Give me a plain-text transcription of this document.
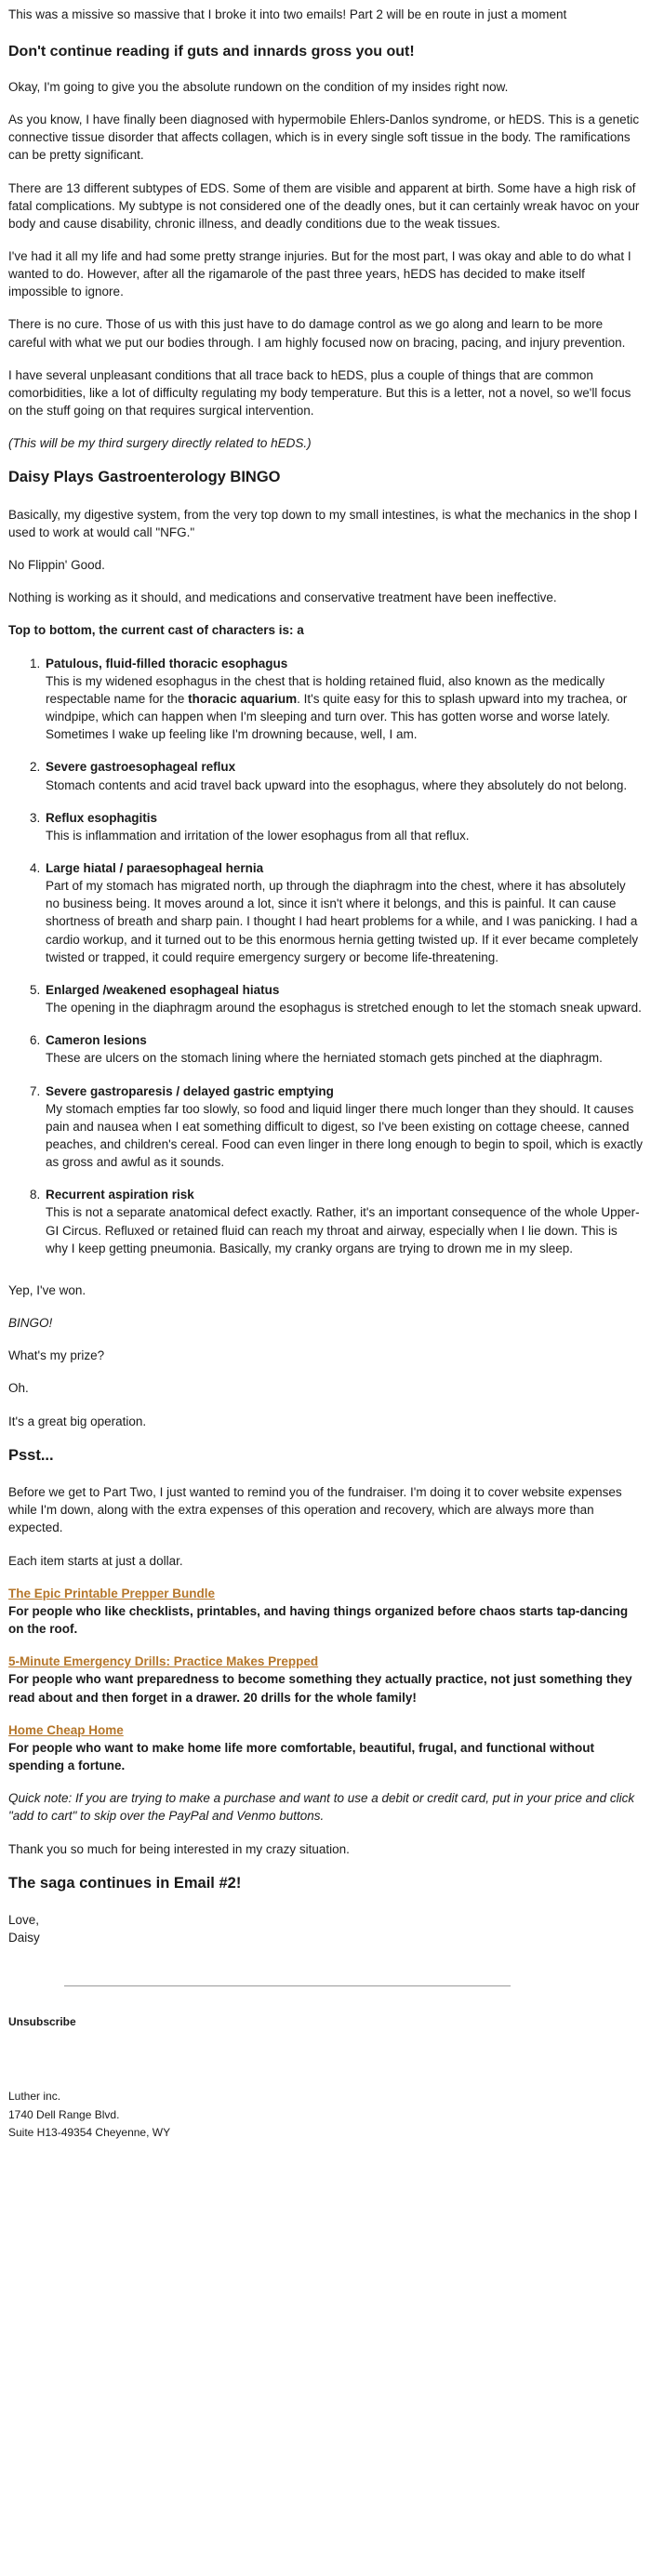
This was a missive so massive that I broke it into two emails! Part 2 will be en route in just a moment

Don't continue reading if guts and innards gross you out!

Okay, I'm going to give you the absolute rundown on the condition of my insides right now.

As you know, I have finally been diagnosed with hypermobile Ehlers-Danlos syndrome, or hEDS. This is a genetic connective tissue disorder that affects collagen, which is in every single soft tissue in the body. The ramifications can be pretty significant.

There are 13 different subtypes of EDS. Some of them are visible and apparent at birth. Some have a high risk of fatal complications. My subtype is not considered one of the deadly ones, but it can certainly wreak havoc on your body and cause disability, chronic illness, and deadly conditions due to the weak tissues.

I've had it all my life and had some pretty strange injuries. But for the most part, I was okay and able to do what I wanted to do. However, after all the rigamarole of the past three years, hEDS has decided to make itself impossible to ignore.

There is no cure. Those of us with this just have to do damage control as we go along and learn to be more careful with what we put our bodies through. I am highly focused now on bracing, pacing, and injury prevention.

I have several unpleasant conditions that all trace back to hEDS, plus a couple of things that are common comorbidities, like a lot of difficulty regulating my body temperature. But this is a letter, not a novel, so we'll focus on the stuff going on that requires surgical intervention.

(This will be my third surgery directly related to hEDS.)

Daisy Plays Gastroenterology BINGO

Basically, my digestive system, from the very top down to my small intestines, is what the mechanics in the shop I used to work at would call "NFG."

No Flippin' Good.

Nothing is working as it should, and medications and conservative treatment have been ineffective.

Top to bottom, the current cast of characters is: a

1. Patulous, fluid-filled thoracic esophagus
This is my widened esophagus in the chest that is holding retained fluid, also known as the medically respectable name for the thoracic aquarium. It's quite easy for this to splash upward into my trachea, or windpipe, which can happen when I'm sleeping and turn over. This has gotten worse and worse lately. Sometimes I wake up feeling like I'm drowning because, well, I am.
2. Severe gastroesophageal reflux
Stomach contents and acid travel back upward into the esophagus, where they absolutely do not belong.
3. Reflux esophagitis
This is inflammation and irritation of the lower esophagus from all that reflux.
4. Large hiatal / paraesophageal hernia
Part of my stomach has migrated north, up through the diaphragm into the chest, where it has absolutely no business being. It moves around a lot, since it isn't where it belongs, and this is painful. It can cause shortness of breath and sharp pain. I thought I had heart problems for a while, and I was panicking. I had a cardio workup, and it turned out to be this enormous hernia getting twisted up. If it ever became completely twisted or trapped, it could require emergency surgery or become life-threatening.
5. Enlarged /weakened esophageal hiatus
The opening in the diaphragm around the esophagus is stretched enough to let the stomach sneak upward.
6. Cameron lesions
These are ulcers on the stomach lining where the herniated stomach gets pinched at the diaphragm.
7. Severe gastroparesis / delayed gastric emptying
My stomach empties far too slowly, so food and liquid linger there much longer than they should. It causes pain and nausea when I eat something difficult to digest, so I've been existing on cottage cheese, canned peaches, and children's cereal. Food can even linger in there long enough to begin to spoil, which is exactly as gross and awful as it sounds.
8. Recurrent aspiration risk
This is not a separate anatomical defect exactly. Rather, it's an important consequence of the whole Upper-GI Circus. Refluxed or retained fluid can reach my throat and airway, especially when I lie down. This is why I keep getting pneumonia. Basically, my cranky organs are trying to drown me in my sleep.

Yep, I've won.

BINGO!

What's my prize?

Oh.

It's a great big operation.

Psst...

Before we get to Part Two, I just wanted to remind you of the fundraiser. I'm doing it to cover website expenses while I'm down, along with the extra expenses of this operation and recovery, which are always more than expected.

Each item starts at just a dollar.

The Epic Printable Prepper Bundle
For people who like checklists, printables, and having things organized before chaos starts tap-dancing on the roof.
5-Minute Emergency Drills: Practice Makes Prepped
For people who want preparedness to become something they actually practice, not just something they read about and then forget in a drawer. 20 drills for the whole family!
Home Cheap Home
For people who want to make home life more comfortable, beautiful, frugal, and functional without spending a fortune.

Quick note: If you are trying to make a purchase and want to use a debit or credit card, put in your price and click "add to cart" to skip over the PayPal and Venmo buttons.

Thank you so much for being interested in my crazy situation.

The saga continues in Email #2!
Love,
Daisy
Unsubscribe
Luther inc.
1740 Dell Range Blvd.
Suite H13-49354 Cheyenne, WY
